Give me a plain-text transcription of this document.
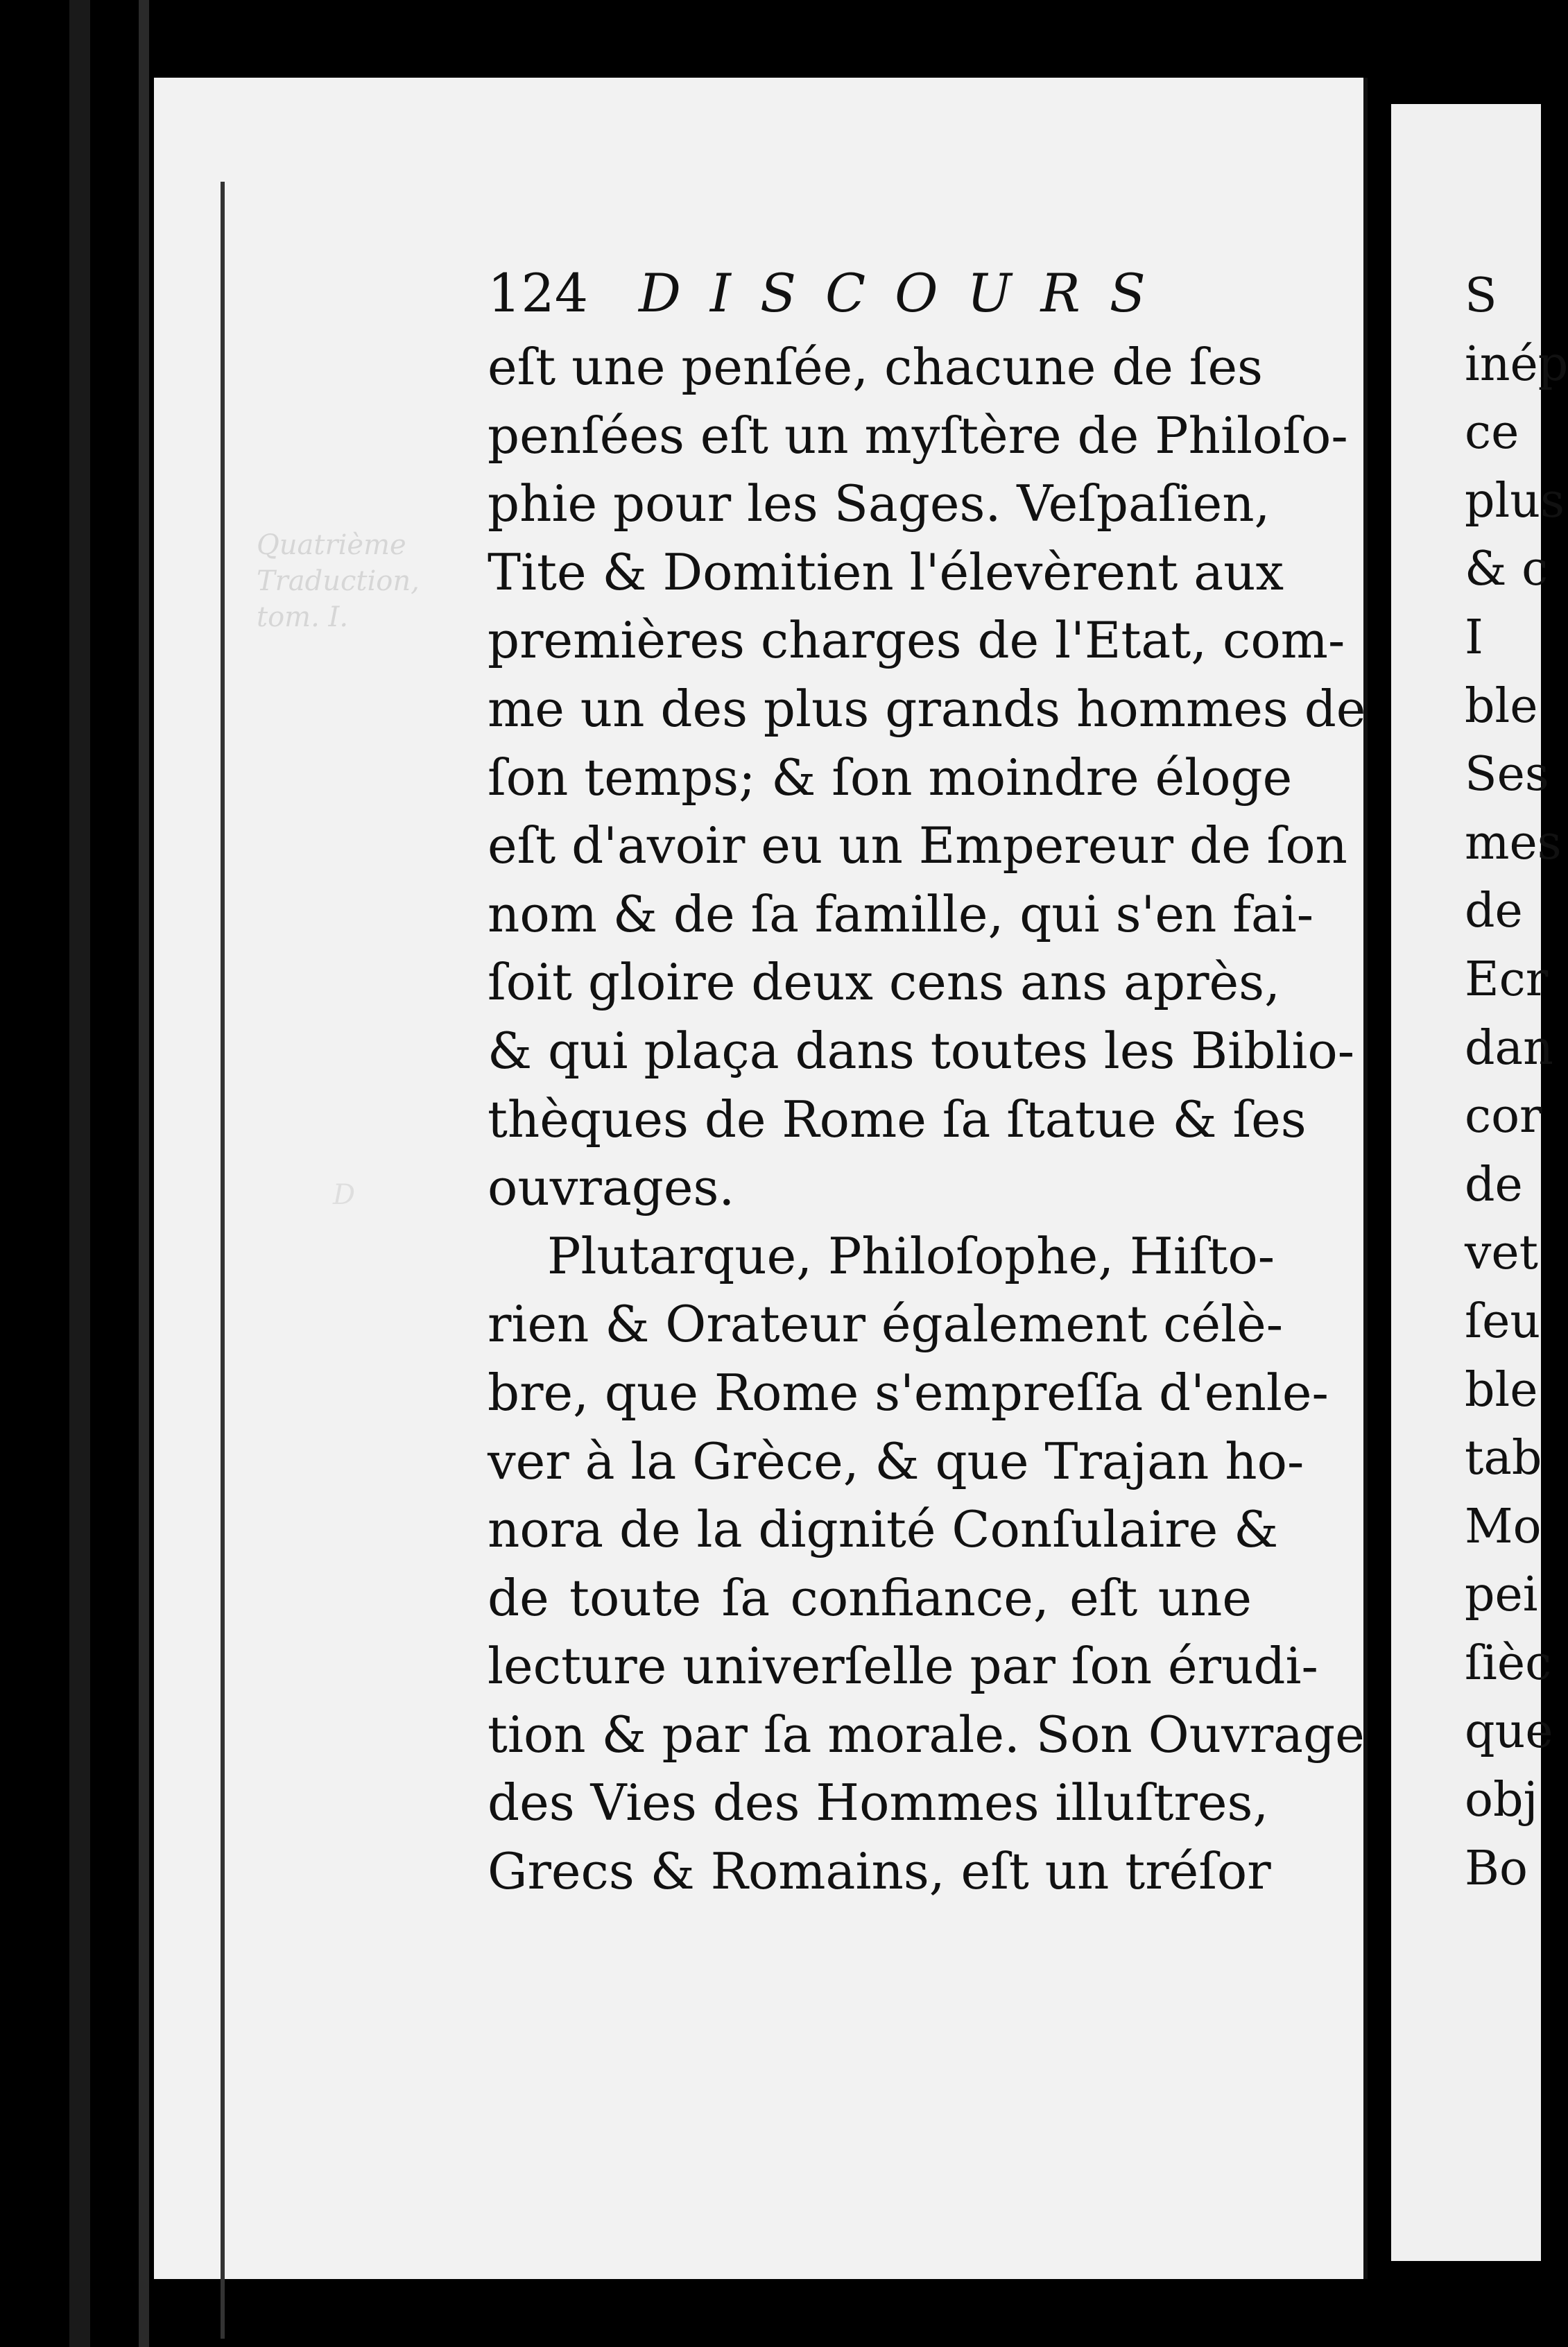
Quatrième
Traduction,
tom. I.
D
124 DISCOURS
eſt une penſée, chacune de ſes
penſées eſt un myſtère de Philoſo-
phie pour les Sages. Veſpaſien,
Tite & Domitien l'élevèrent aux
premières charges de l'Etat, com-
me un des plus grands hommes de
ſon temps; & ſon moindre éloge
eſt d'avoir eu un Empereur de ſon
nom & de ſa famille, qui s'en fai-
ſoit gloire deux cens ans après,
& qui plaça dans toutes les Biblio-
thèques de Rome ſa ſtatue & ſes
ouvrages.
Plutarque, Philoſophe, Hiſto-
rien & Orateur également célè-
bre, que Rome s'empreſſa d'enle-
ver à la Grèce, & que Trajan ho-
nora de la dignité Conſulaire &
de toute ſa confiance, eſt une
lecture univerſelle par ſon érudi-
tion & par ſa morale. Son Ouvrage
des Vies des Hommes illuſtres,
Grecs & Romains, eſt un tréſor
S
inép
ce
plus
& c
I
ble
Ses
mes
de
Ecr
dan
cor
de
vet
ſeu
ble
tab
Mo
pei
ſièc
que
obj
Bo
